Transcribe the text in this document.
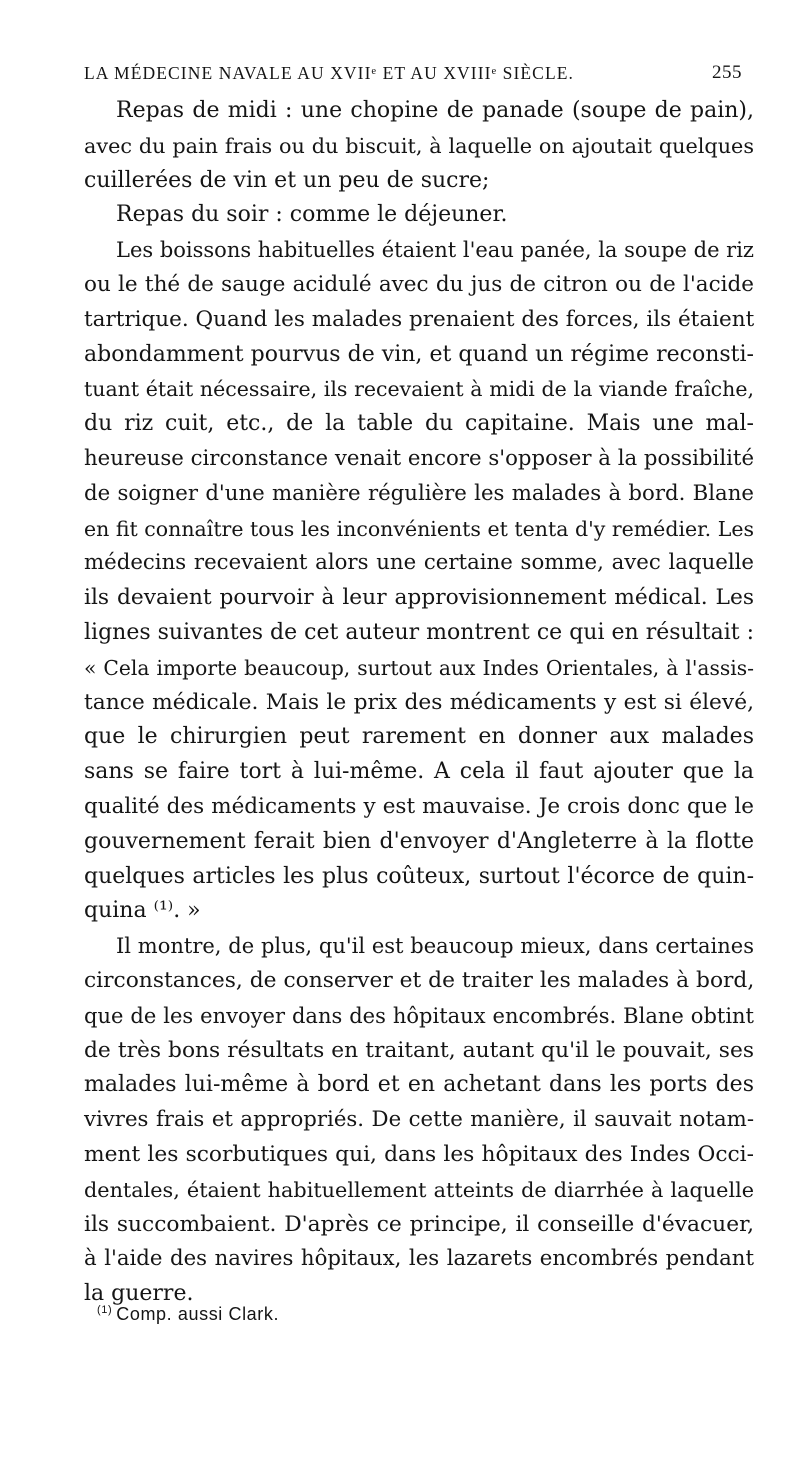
LA MÉDECINE NAVALE AU XVIIᵉ ET AU XVIIIᵉ SIÈCLE.	255
Repas de midi : une chopine de panade (soupe de pain),
avec du pain frais ou du biscuit, à laquelle on ajoutait quelques
cuillerées de vin et un peu de sucre;
Repas du soir : comme le déjeuner.
Les boissons habituelles étaient l'eau panée, la soupe de riz
ou le thé de sauge acidulé avec du jus de citron ou de l'acide
tartrique. Quand les malades prenaient des forces, ils étaient
abondamment pourvus de vin, et quand un régime reconsti-
tuant était nécessaire, ils recevaient à midi de la viande fraîche,
du riz cuit, etc., de la table du capitaine. Mais une mal-
heureuse circonstance venait encore s'opposer à la possibilité
de soigner d'une manière régulière les malades à bord. Blane
en fit connaître tous les inconvénients et tenta d'y remédier. Les
médecins recevaient alors une certaine somme, avec laquelle
ils devaient pourvoir à leur approvisionnement médical. Les
lignes suivantes de cet auteur montrent ce qui en résultait :
« Cela importe beaucoup, surtout aux Indes Orientales, à l'assis-
tance médicale. Mais le prix des médicaments y est si élevé,
que le chirurgien peut rarement en donner aux malades
sans se faire tort à lui-même. A cela il faut ajouter que la
qualité des médicaments y est mauvaise. Je crois donc que le
gouvernement ferait bien d'envoyer d'Angleterre à la flotte
quelques articles les plus coûteux, surtout l'écorce de quin-
quina ⁽¹⁾. »
Il montre, de plus, qu'il est beaucoup mieux, dans certaines
circonstances, de conserver et de traiter les malades à bord,
que de les envoyer dans des hôpitaux encombrés. Blane obtint
de très bons résultats en traitant, autant qu'il le pouvait, ses
malades lui-même à bord et en achetant dans les ports des
vivres frais et appropriés. De cette manière, il sauvait notam-
ment les scorbutiques qui, dans les hôpitaux des Indes Occi-
dentales, étaient habituellement atteints de diarrhée à laquelle
ils succombaient. D'après ce principe, il conseille d'évacuer,
à l'aide des navires hôpitaux, les lazarets encombrés pendant
la guerre.
$^{(1)}$ Comp. aussi Clark.
